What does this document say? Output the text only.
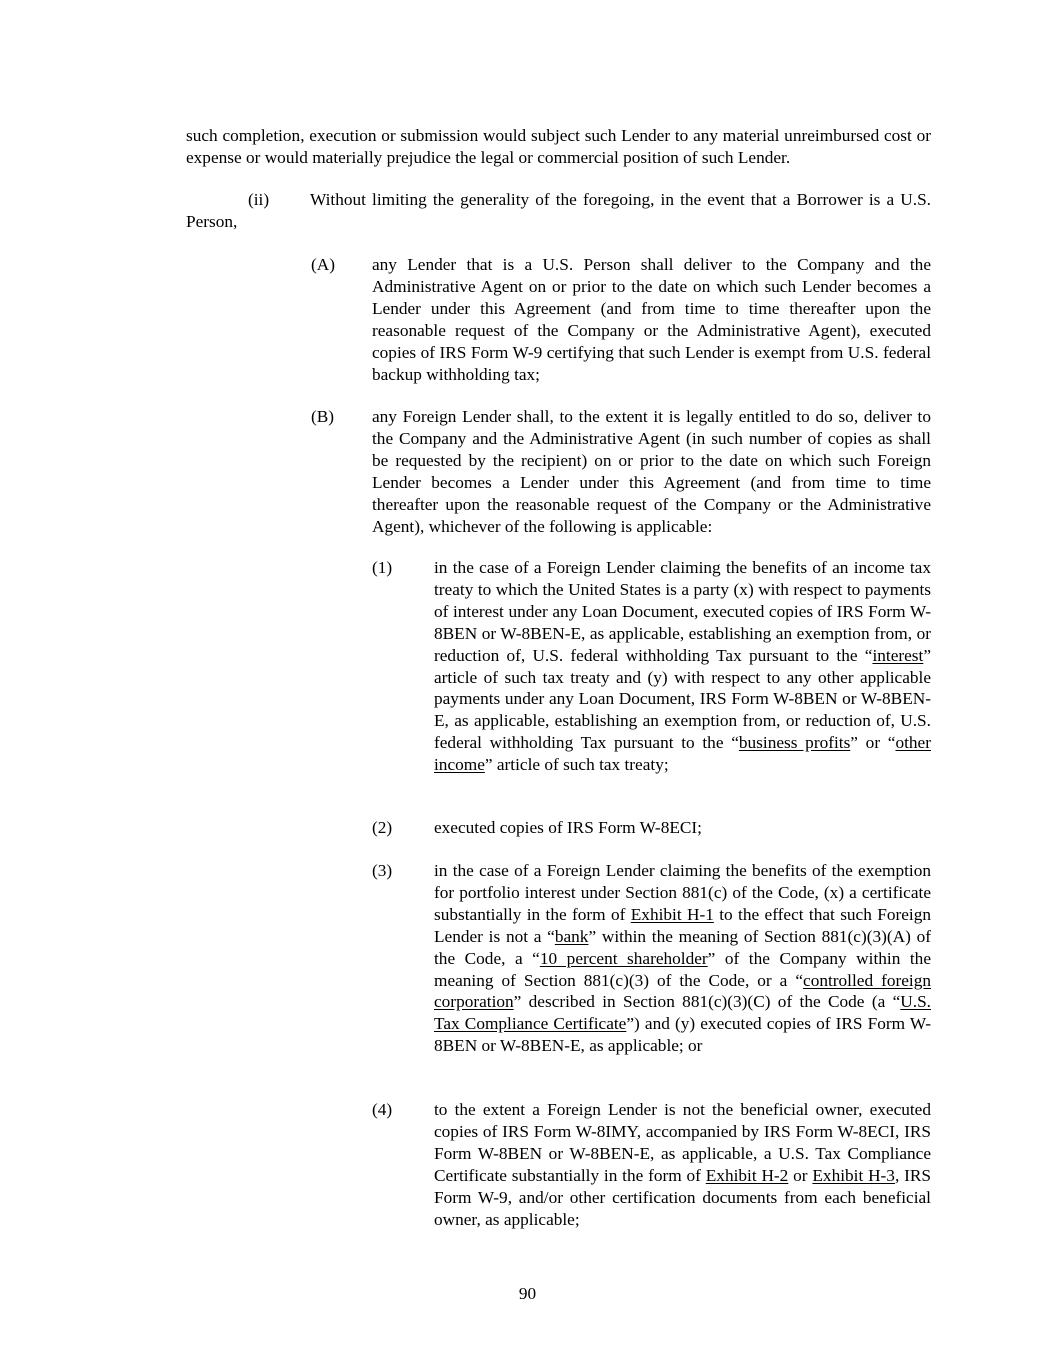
such completion, execution or submission would subject such Lender to any material unreimbursed cost or expense or would materially prejudice the legal or commercial position of such Lender.
Without limiting the generality of the foregoing, in the event that a Borrower is a U.S. Person,
(ii)
(A) any Lender that is a U.S. Person shall deliver to the Company and the Administrative Agent on or prior to the date on which such Lender becomes a Lender under this Agreement (and from time to time thereafter upon the reasonable request of the Company or the Administrative Agent), executed copies of IRS Form W-9 certifying that such Lender is exempt from U.S. federal backup withholding tax;
(B) any Foreign Lender shall, to the extent it is legally entitled to do so, deliver to the Company and the Administrative Agent (in such number of copies as shall be requested by the recipient) on or prior to the date on which such Foreign Lender becomes a Lender under this Agreement (and from time to time thereafter upon the reasonable request of the Company or the Administrative Agent), whichever of the following is applicable:
(1) in the case of a Foreign Lender claiming the benefits of an income tax treaty to which the United States is a party (x) with respect to payments of interest under any Loan Document, executed copies of IRS Form W-8BEN or W-8BEN-E, as applicable, establishing an exemption from, or reduction of, U.S. federal withholding Tax pursuant to the “interest” article of such tax treaty and (y) with respect to any other applicable payments under any Loan Document, IRS Form W-8BEN or W-8BEN-E, as applicable, establishing an exemption from, or reduction of, U.S. federal withholding Tax pursuant to the “business profits” or “other income” article of such tax treaty;
(2) executed copies of IRS Form W-8ECI;
(3) in the case of a Foreign Lender claiming the benefits of the exemption for portfolio interest under Section 881(c) of the Code, (x) a certificate substantially in the form of Exhibit H-1 to the effect that such Foreign Lender is not a “bank” within the meaning of Section 881(c)(3)(A) of the Code, a “10 percent shareholder” of the Company within the meaning of Section 881(c)(3) of the Code, or a “controlled foreign corporation” described in Section 881(c)(3)(C) of the Code (a “U.S. Tax Compliance Certificate”) and (y) executed copies of IRS Form W-8BEN or W-8BEN-E, as applicable; or
(4) to the extent a Foreign Lender is not the beneficial owner, executed copies of IRS Form W-8IMY, accompanied by IRS Form W-8ECI, IRS Form W-8BEN or W-8BEN-E, as applicable, a U.S. Tax Compliance Certificate substantially in the form of Exhibit H-2 or Exhibit H-3, IRS Form W-9, and/or other certification documents from each beneficial owner, as applicable;
90
